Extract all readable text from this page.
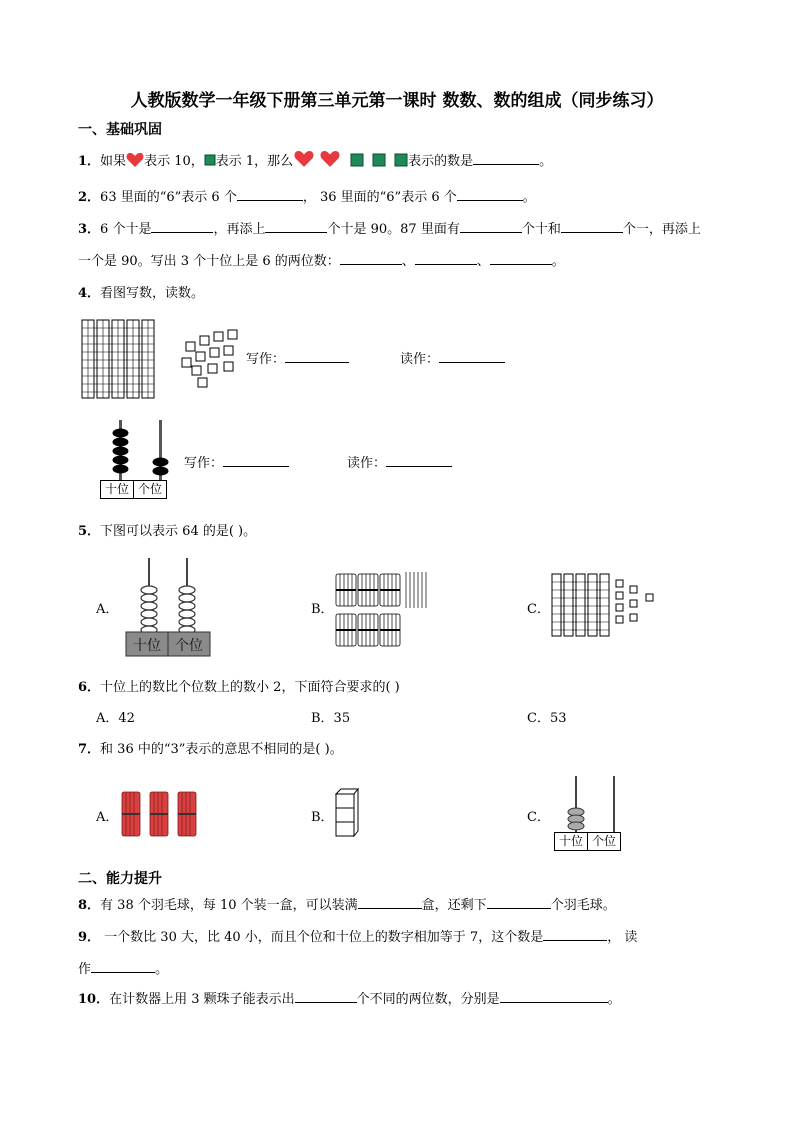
人教版数学一年级下册第三单元第一课时 数数、数的组成（同步练习）
一、基础巩固
1．如果 表示 10， 表示 1，那么	表示的数是	。
2．63 里面的“6”表示 6 个	， 36 里面的“6”表示 6 个	。
3．6 个十是	，再添上	个十是 90。87 里面有	个十和	个一，再添上
一个是 90。写出 3 个十位上是 6 的两位数：	、	、	。
4．看图写数，读数。
写作：	读作：
十位 个位
写作：	读作：
5．下图可以表示 64 的是( )。
A．
十位 个位
B．	C．
6．十位上的数比个位数上的数小 2，下面符合要求的( )
A．42	B．35	C．53
7．和 36 中的“3”表示的意思不相同的是( )。
A．	B．	C．
十位 个位
二、能力提升
8．有 38 个羽毛球，每 10 个装一盒，可以装满	盒，还剩下	个羽毛球。
9． 一个数比 30 大，比 40 小，而且个位和十位上的数字相加等于 7，这个数是	， 读
作	。
10．在计数器上用 3 颗珠子能表示出	个不同的两位数，分别是	。
